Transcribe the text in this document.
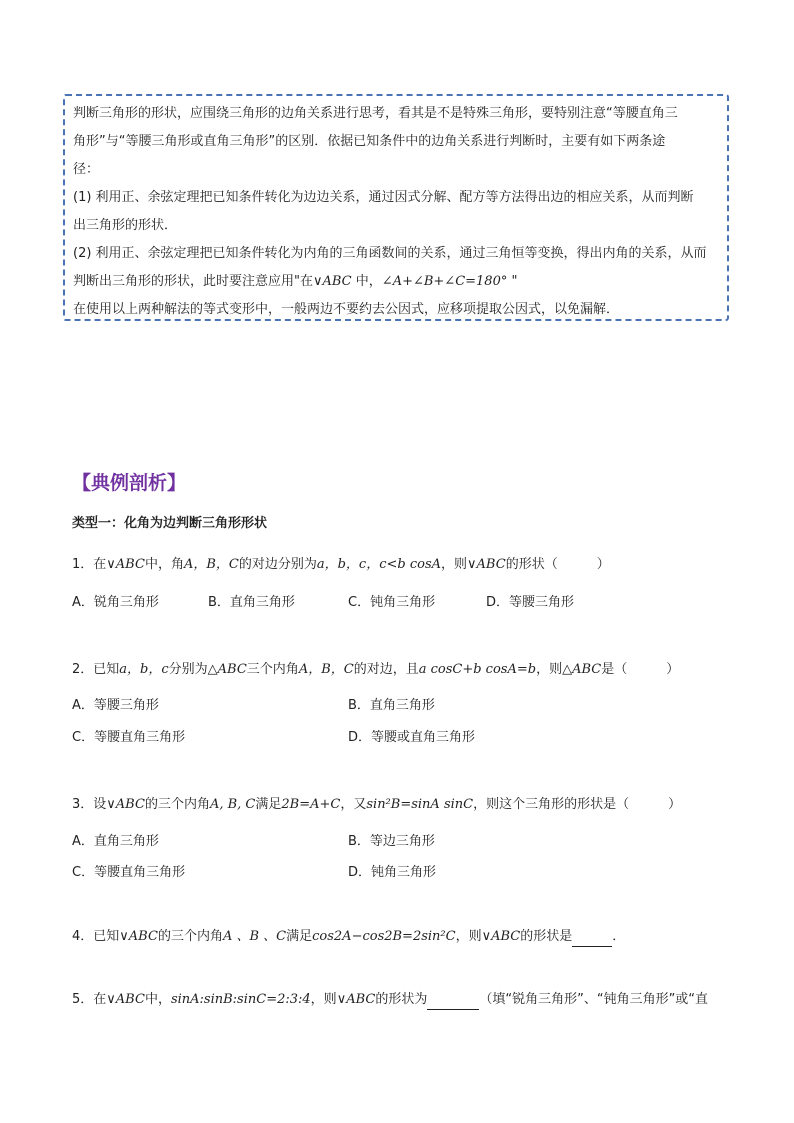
判断三角形的形状，应围绕三角形的边角关系进行思考，看其是不是特殊三角形，要特别注意“等腰直角三
角形”与“等腰三角形或直角三角形”的区别．依据已知条件中的边角关系进行判断时，主要有如下两条途
径：
(1) 利用正、余弦定理把已知条件转化为边边关系，通过因式分解、配方等方法得出边的相应关系，从而判断
出三角形的形状．
(2) 利用正、余弦定理把已知条件转化为内角的三角函数间的关系，通过三角恒等变换，得出内角的关系，从而
判断出三角形的形状，此时要注意应用"在∨ABC 中，∠A+∠B+∠C=180° "
在使用以上两种解法的等式变形中，一般两边不要约去公因式，应移项提取公因式，以免漏解．
【典例剖析】
类型一：化角为边判断三角形形状
1．在∨ABC中，角A，B，C的对边分别为a，b，c，c<b cosA，则∨ABC的形状（　　　）
A．锐角三角形	B．直角三角形	C．钝角三角形	D．等腰三角形
2．已知a，b，c分别为△ABC三个内角A，B，C的对边，且a cosC+b cosA=b，则△ABC是（　　　）
A．等腰三角形	B．直角三角形
C．等腰直角三角形	D．等腰或直角三角形
3．设∨ABC的三个内角A, B, C满足2B=A+C，又sin²B=sinA sinC，则这个三角形的形状是（　　　）
A．直角三角形	B．等边三角形
C．等腰直角三角形	D．钝角三角形
4．已知∨ABC的三个内角A 、B 、C满足cos2A−cos2B=2sin²C，则∨ABC的形状是	．
5．在∨ABC中，sinA:sinB:sinC=2:3:4，则∨ABC的形状为	（填“锐角三角形”、“钝角三角形”或“直
